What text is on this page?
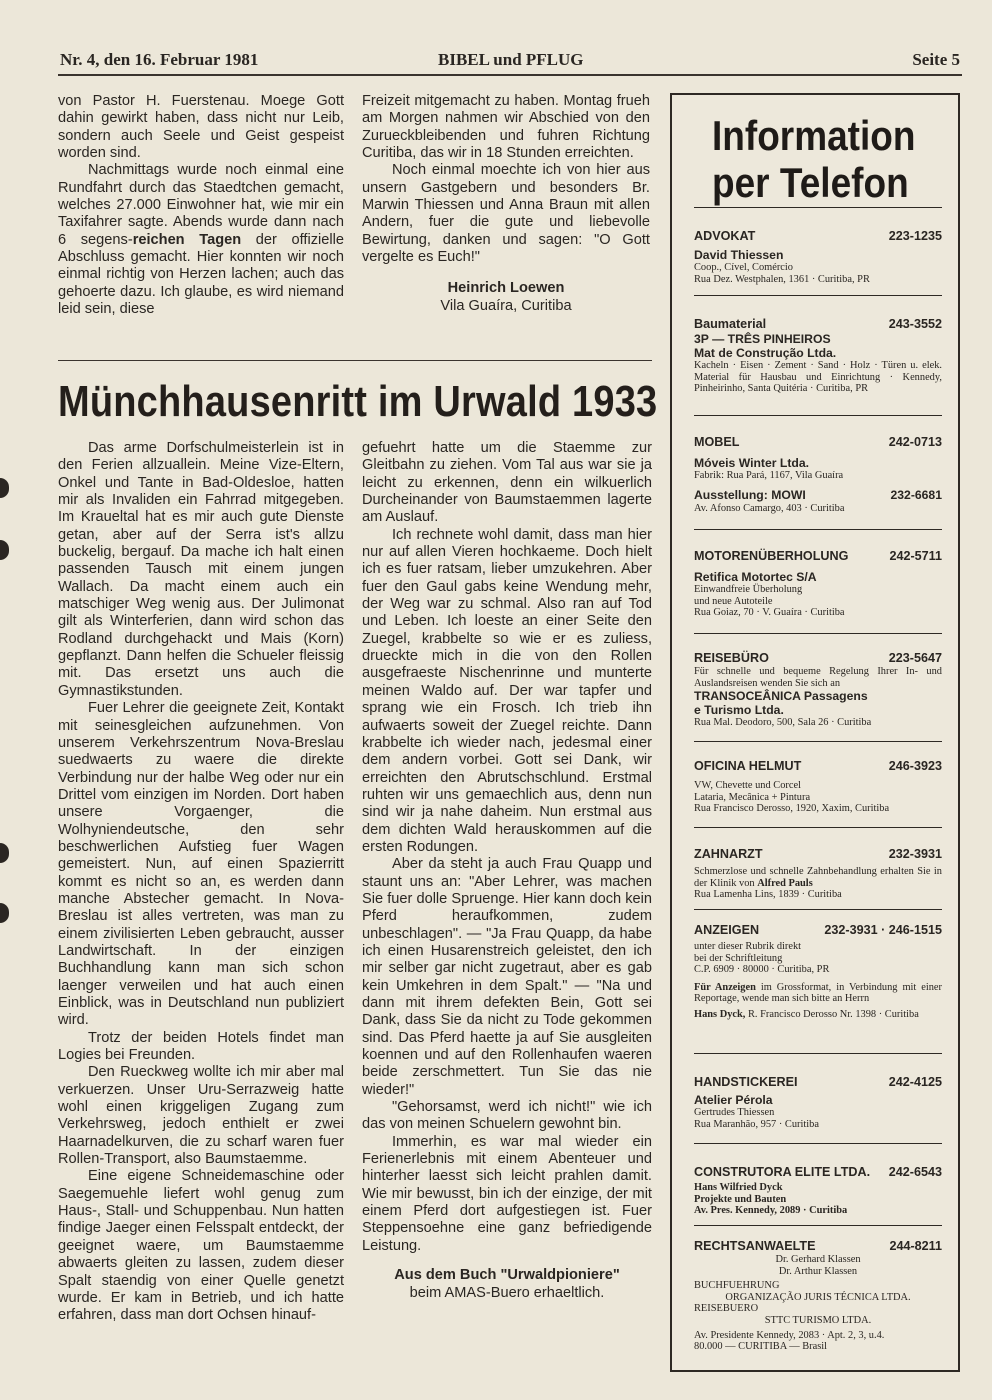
Nr. 4, den 16. Februar 1981	BIBEL und PFLUG	Seite 5

von Pastor H. Fuerstenau. Moege Gott dahin gewirkt haben, dass nicht nur Leib, sondern auch Seele und Geist gespeist worden sind.

Nachmittags wurde noch einmal eine Rundfahrt durch das Staedtchen gemacht, welches 27.000 Einwohner hat, wie mir ein Taxifahrer sagte. Abends wurde dann nach 6 segens-reichen Tagen der offizielle Abschluss gemacht. Hier konnten wir noch einmal richtig von Herzen lachen; auch das gehoerte dazu. Ich glaube, es wird niemand leid sein, diese

Freizeit mitgemacht zu haben. Montag frueh am Morgen nahmen wir Abschied von den Zurueckbleibenden und fuhren Richtung Curitiba, das wir in 18 Stunden erreichten.

Noch einmal moechte ich von hier aus unsern Gastgebern und besonders Br. Marwin Thiessen und Anna Braun mit allen Andern, fuer die gute und liebevolle Bewirtung, danken und sagen: "O Gott vergelte es Euch!"

Heinrich Loewen
Vila Guaíra, Curitiba
Münchhausenritt im Urwald 1933

Das arme Dorfschulmeisterlein ist in den Ferien allzuallein. Meine Vize-Eltern, Onkel und Tante in Bad-Oldesloe, hatten mir als Invaliden ein Fahrrad mitgegeben. Im Kraueltal hat es mir auch gute Dienste getan, aber auf der Serra ist's allzu buckelig, bergauf. Da mache ich halt einen passenden Tausch mit einem jungen Wallach. Da macht einem auch ein matschiger Weg wenig aus. Der Julimonat gilt als Winterferien, dann wird schon das Rodland durchgehackt und Mais (Korn) gepflanzt. Dann helfen die Schueler fleissig mit. Das ersetzt uns auch die Gymnastikstunden.

Fuer Lehrer die geeignete Zeit, Kontakt mit seinesgleichen aufzunehmen. Von unserem Verkehrszentrum Nova-Breslau suedwaerts zu waere die direkte Verbindung nur der halbe Weg oder nur ein Drittel vom einzigen im Norden. Dort haben unsere Vorgaenger, die Wolhyniendeutsche, den sehr beschwerlichen Aufstieg fuer Wagen gemeistert. Nun, auf einen Spazierritt kommt es nicht so an, es werden dann manche Abstecher gemacht. In Nova-Breslau ist alles vertreten, was man zu einem zivilisierten Leben gebraucht, ausser Landwirtschaft. In der einzigen Buchhandlung kann man sich schon laenger verweilen und hat auch einen Einblick, was in Deutschland nun publiziert wird.

Trotz der beiden Hotels findet man Logies bei Freunden.

Den Rueckweg wollte ich mir aber mal verkuerzen. Unser Uru-Serrazweig hatte wohl einen kriggeligen Zugang zum Verkehrsweg, jedoch enthielt er zwei Haarnadelkurven, die zu scharf waren fuer Rollen-Transport, also Baumstaemme.

Eine eigene Schneidemaschine oder Saegemuehle liefert wohl genug zum Haus-, Stall- und Schuppenbau. Nun hatten findige Jaeger einen Felsspalt entdeckt, der geeignet waere, um Baumstaemme abwaerts gleiten zu lassen, zudem dieser Spalt staendig von einer Quelle genetzt wurde. Er kam in Betrieb, und ich hatte erfahren, dass man dort Ochsen hinauf-

gefuehrt hatte um die Staemme zur Gleitbahn zu ziehen. Vom Tal aus war sie ja leicht zu erkennen, denn ein wilkuerlich Durcheinander von Baumstaemmen lagerte am Auslauf.

Ich rechnete wohl damit, dass man hier nur auf allen Vieren hochkaeme. Doch hielt ich es fuer ratsam, lieber umzukehren. Aber fuer den Gaul gabs keine Wendung mehr, der Weg war zu schmal. Also ran auf Tod und Leben. Ich loeste an einer Seite den Zuegel, krabbelte so wie er es zuliess, drueckte mich in die von den Rollen ausgefraeste Nischenrinne und munterte meinen Waldo auf. Der war tapfer und sprang wie ein Frosch. Ich trieb ihn aufwaerts soweit der Zuegel reichte. Dann krabbelte ich wieder nach, jedesmal einer dem andern vorbei. Gott sei Dank, wir erreichten den Abrutschschlund. Erstmal ruhten wir uns gemaechlich aus, denn nun sind wir ja nahe daheim. Nun erstmal aus dem dichten Wald herauskommen auf die ersten Rodungen.

Aber da steht ja auch Frau Quapp und staunt uns an: "Aber Lehrer, was machen Sie fuer dolle Spruenge. Hier kann doch kein Pferd heraufkommen, zudem unbeschlagen". — "Ja Frau Quapp, da habe ich einen Husarenstreich geleistet, den ich mir selber gar nicht zugetraut, aber es gab kein Umkehren in dem Spalt." — "Na und dann mit ihrem defekten Bein, Gott sei Dank, dass Sie da nicht zu Tode gekommen sind. Das Pferd haette ja auf Sie ausgleiten koennen und auf den Rollenhaufen waeren beide zerschmettert. Tun Sie das nie wieder!"

"Gehorsamst, werd ich nicht!" wie ich das von meinen Schuelern gewohnt bin.

Immerhin, es war mal wieder ein Ferienerlebnis mit einem Abenteuer und hinterher laesst sich leicht prahlen damit. Wie mir bewusst, bin ich der einzige, der mit einem Pferd dort aufgestiegen ist. Fuer Steppensoehne eine ganz befriedigende Leistung.

Aus dem Buch "Urwaldpioniere"
beim AMAS-Buero erhaeltlich.
Information per Telefon
ADVOKAT	223-1235
David Thiessen
Coop., Cível, Comércio
Rua Dez. Westphalen, 1361 · Curitiba, PR
Baumaterial	243-3552
3P — TRÊS PINHEIROS
Mat de Construção Ltda.
Kacheln · Eisen · Zement · Sand · Holz · Türen u. elek. Material für Hausbau und Einrichtung · Kennedy, Pinheirinho, Santa Quitéria · Curitiba, PR
MOBEL	242-0713
Móveis Winter Ltda.
Fabrik: Rua Pará, 1167, Vila Guaíra
Ausstellung: MOWI	232-6681
Av. Afonso Camargo, 403 · Curitiba
MOTORENÜBERHOLUNG	242-5711
Retifica Motortec S/A
Einwandfreie Überholung
und neue Autoteile
Rua Goiaz, 70 · V. Guaíra · Curitiba
REISEBÜRO	223-5647
Für schnelle und bequeme Regelung Ihrer In- und Auslandsreisen wenden Sie sich an
TRANSOCEÂNICA Passagens
e Turismo Ltda.
Rua Mal. Deodoro, 500, Sala 26 · Curitiba
OFICINA HELMUT	246-3923
VW, Chevette und Corcel
Lataria, Mecânica + Pintura
Rua Francisco Derosso, 1920, Xaxim, Curitiba
ZAHNARZT	232-3931
Schmerzlose und schnelle Zahnbehandlung erhalten Sie in der Klinik von Alfred Pauls
Rua Lamenha Lins, 1839 · Curitiba
ANZEIGEN	232-3931 · 246-1515
unter dieser Rubrik direkt
bei der Schriftleitung
C.P. 6909 · 80000 · Curitiba, PR
Für Anzeigen im Grossformat, in Verbindung mit einer Reportage, wende man sich bitte an Herrn
Hans Dyck, R. Francisco Derosso Nr. 1398 · Curitiba
HANDSTICKEREI	242-4125
Atelier Pérola
Gertrudes Thiessen
Rua Maranhão, 957 · Curitiba
CONSTRUTORA ELITE LTDA. 242-6543
Hans Wilfried Dyck
Projekte und Bauten
Av. Pres. Kennedy, 2089 · Curitiba
RECHTSANWAELTE	244-8211
Dr. Gerhard Klassen
Dr. Arthur Klassen
BUCHFUEHRUNG
ORGANIZAÇÃO JURIS TÉCNICA LTDA.
REISEBUERO
STTC TURISMO LTDA.
Av. Presidente Kennedy, 2083 · Apt. 2, 3, u.4.
80.000 — CURITIBA — Brasil
